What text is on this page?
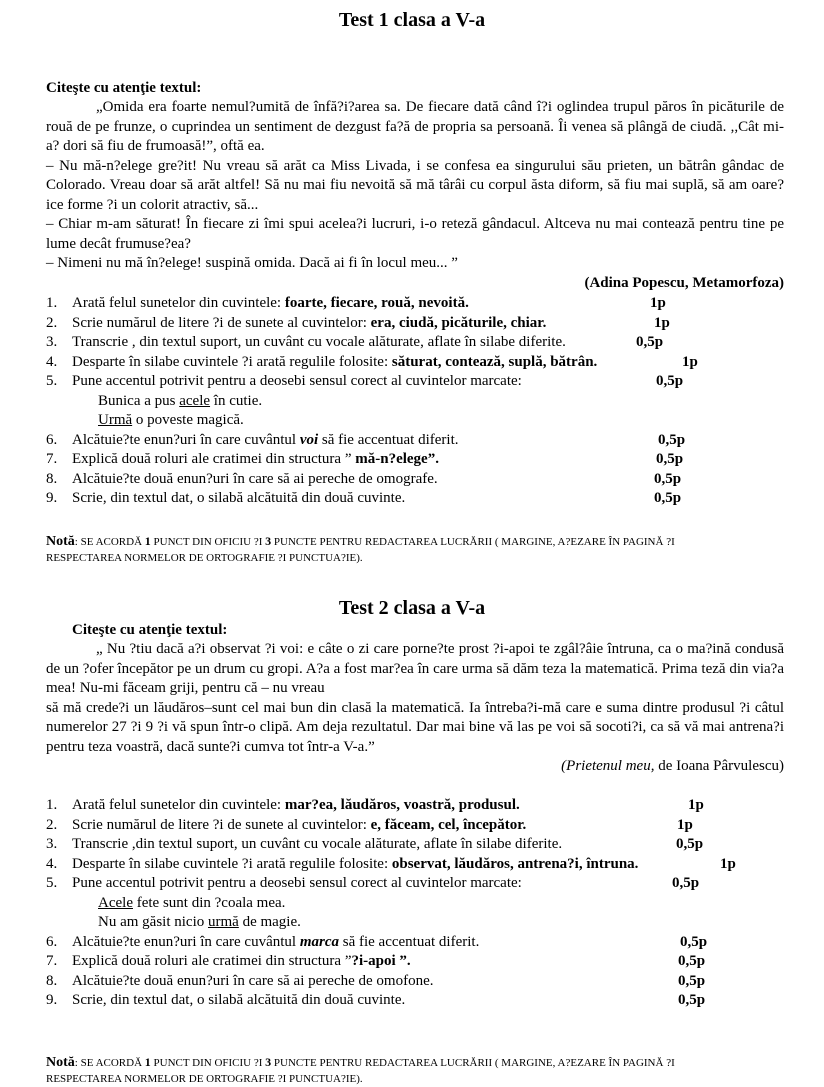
Test 1 clasa a V-a
Citeşte cu atenţie textul:

„Omida era foarte nemul?umită de înfă?i?area sa. De fiecare dată când î?i oglindea trupul păros în picăturile de rouă de pe frunze, o cuprindea un sentiment de dezgust fa?ă de propria sa persoană. Îi venea să plângă de ciudă. ,,Cât mi-a? dori să fiu de frumoasă!”, oftă ea.

– Nu mă-n?elege gre?it! Nu vreau să arăt ca Miss Livada, i se confesa ea singurului său prieten, un bătrân gândac de Colorado. Vreau doar să arăt altfel! Să nu mai fiu nevoită să mă târâi cu corpul ăsta diform, să fiu mai suplă, să am oare?ice forme ?i un colorit atractiv, să...

– Chiar m-am săturat! În fiecare zi îmi spui acelea?i lucruri, i-o reteză gândacul. Altceva nu mai contează pentru tine pe lume decât frumuse?ea?

– Nimeni nu mă în?elege! suspină omida. Dacă ai fi în locul meu... ”

(Adina Popescu, Metamorfoza)
1. Arată felul sunetelor din cuvintele: foarte, fiecare, rouă, nevoită.	1p
2. Scrie numărul de litere ?i de sunete al cuvintelor: era, ciudă, picăturile, chiar.	1p
3. Transcrie , din textul suport, un cuvânt cu vocale alăturate, aflate în silabe diferite.	0,5p
4. Desparte în silabe cuvintele ?i arată regulile folosite: săturat, contează, suplă, bătrân.	1p
5. Pune accentul potrivit pentru a deosebi sensul corect al cuvintelor marcate:	0,5p
Bunica a pus acele în cutie.
Urmă o poveste magică.
6. Alcătuie?te enun?uri în care cuvântul voi să fie accentuat diferit.	0,5p
7. Explică două roluri ale cratimei din structura ” mă-n?elege”.	0,5p
8. Alcătuie?te două enun?uri în care să ai pereche de omografe.	0,5p
9. Scrie, din textul dat, o silabă alcătuită din două cuvinte.	0,5p
Notă: SE ACORDĂ 1 PUNCT DIN OFICIU ?I 3 PUNCTE PENTRU REDACTAREA LUCRĂRII ( MARGINE, A?EZARE ÎN PAGINĂ ?I
RESPECTAREA NORMELOR DE ORTOGRAFIE ?I PUNCTUA?IE).
Test 2 clasa a V-a
Citeşte cu atenţie textul:

„ Nu ?tiu dacă a?i observat ?i voi: e câte o zi care porne?te prost ?i-apoi te zgâl?âie întruna, ca o ma?ină condusă de un ?ofer începător pe un drum cu gropi. A?a a fost mar?ea în care urma să dăm teza la matematică. Prima teză din via?a mea! Nu-mi făceam griji, pentru că – nu vreau

să mă crede?i un lăudăros–sunt cel mai bun din clasă la matematică. Ia întreba?i-mă care e suma dintre produsul ?i câtul numerelor 27 ?i 9 ?i vă spun într-o clipă. Am deja rezultatul. Dar mai bine vă las pe voi să socoti?i, ca să vă mai antrena?i pentru teza voastră, dacă sunte?i cumva tot într-a V-a.”

(Prietenul meu, de Ioana Pârvulescu)
1. Arată felul sunetelor din cuvintele: mar?ea, lăudăros, voastră, produsul.	1p
2. Scrie numărul de litere ?i de sunete al cuvintelor: e, făceam, cel, începător.	1p
3. Transcrie ,din textul suport, un cuvânt cu vocale alăturate, aflate în silabe diferite.	0,5p
4. Desparte în silabe cuvintele ?i arată regulile folosite: observat, lăudăros, antrena?i, întruna.	1p
5. Pune accentul potrivit pentru a deosebi sensul corect al cuvintelor marcate:	0,5p
Acele fete sunt din ?coala mea.
Nu am găsit nicio urmă de magie.
6. Alcătuie?te enun?uri în care cuvântul marca să fie accentuat diferit.	0,5p
7. Explică două roluri ale cratimei din structura ”?i-apoi ”.	0,5p
8. Alcătuie?te două enun?uri în care să ai pereche de omofone.	0,5p
9. Scrie, din textul dat, o silabă alcătuită din două cuvinte.	0,5p
Notă: SE ACORDĂ 1 PUNCT DIN OFICIU ?I 3 PUNCTE PENTRU REDACTAREA LUCRĂRII ( MARGINE, A?EZARE ÎN PAGINĂ ?I
RESPECTAREA NORMELOR DE ORTOGRAFIE ?I PUNCTUA?IE).
